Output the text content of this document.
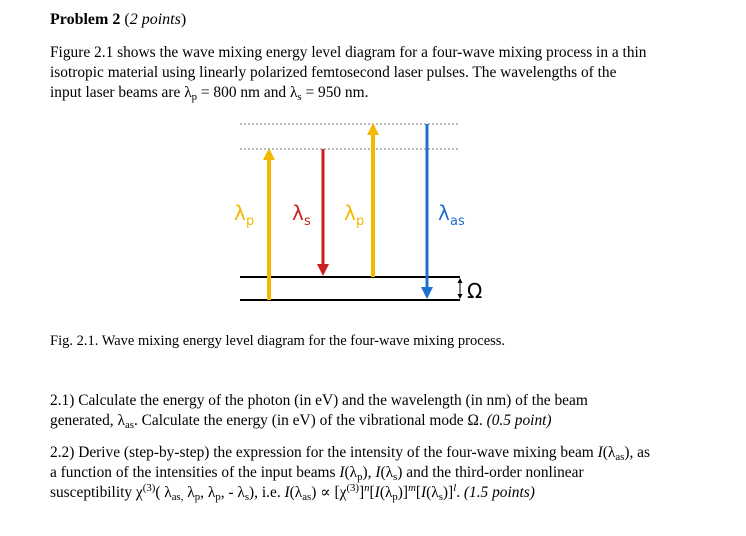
Problem 2 (2 points)
Figure 2.1 shows the wave mixing energy level diagram for a four-wave mixing process in a thin
isotropic material using linearly polarized femtosecond laser pulses. The wavelengths of the
input laser beams are $\lambda_p = 800$ nm and $\lambda_s = 950$ nm.
λ p λ s λ p	λ as
Ω
Fig. 2.1. Wave mixing energy level diagram for the four-wave mixing process.
2.1) Calculate the energy of the photon (in eV) and the wavelength (in nm) of the beam
generated, $\lambda_{as}$. Calculate the energy (in eV) of the vibrational mode Ω. (0.5 point)
2.2) Derive (step-by-step) the expression for the intensity of the four-wave mixing beam $I(\lambda_{as})$, as
a function of the intensities of the input beams $I(\lambda_p)$, $I(\lambda_s)$ and the third-order nonlinear
susceptibility $\chi^{(3)}$( $\lambda_{as,}$ $\lambda_p$, $\lambda_p$, - $\lambda_s$), i.e. $I(\lambda_{as}) \propto [\chi^{(3)}]^n[I(\lambda_p)]^m[I(\lambda_s)]^l$. (1.5 points)
